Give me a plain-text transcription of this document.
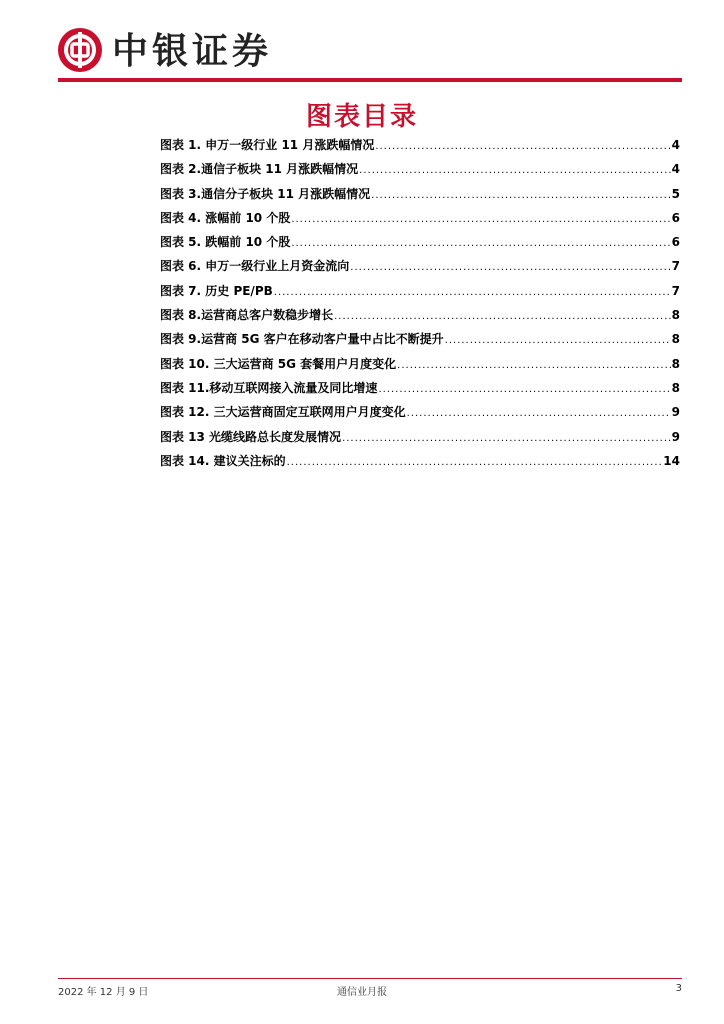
中银证券
图表目录
图表 1. 申万一级行业 11 月涨跌幅情况 .....	4
图表 2.通信子板块 11 月涨跌幅情况 .....	4
图表 3.通信分子板块 11 月涨跌幅情况 .....	5
图表 4. 涨幅前 10 个股 .....	6
图表 5. 跌幅前 10 个股 .....	6
图表 6. 申万一级行业上月资金流向 .....	7
图表 7. 历史 PE/PB .....	7
图表 8.运营商总客户数稳步增长 .....	8
图表 9.运营商 5G 客户在移动客户量中占比不断提升 .....	8
图表 10. 三大运营商 5G 套餐用户月度变化 .....	8
图表 11.移动互联网接入流量及同比增速 .....	8
图表 12. 三大运营商固定互联网用户月度变化 .....	9
图表 13 光缆线路总长度发展情况 .....	9
图表 14. 建议关注标的 .....	14
2022 年 12 月 9 日	通信业月报	3
